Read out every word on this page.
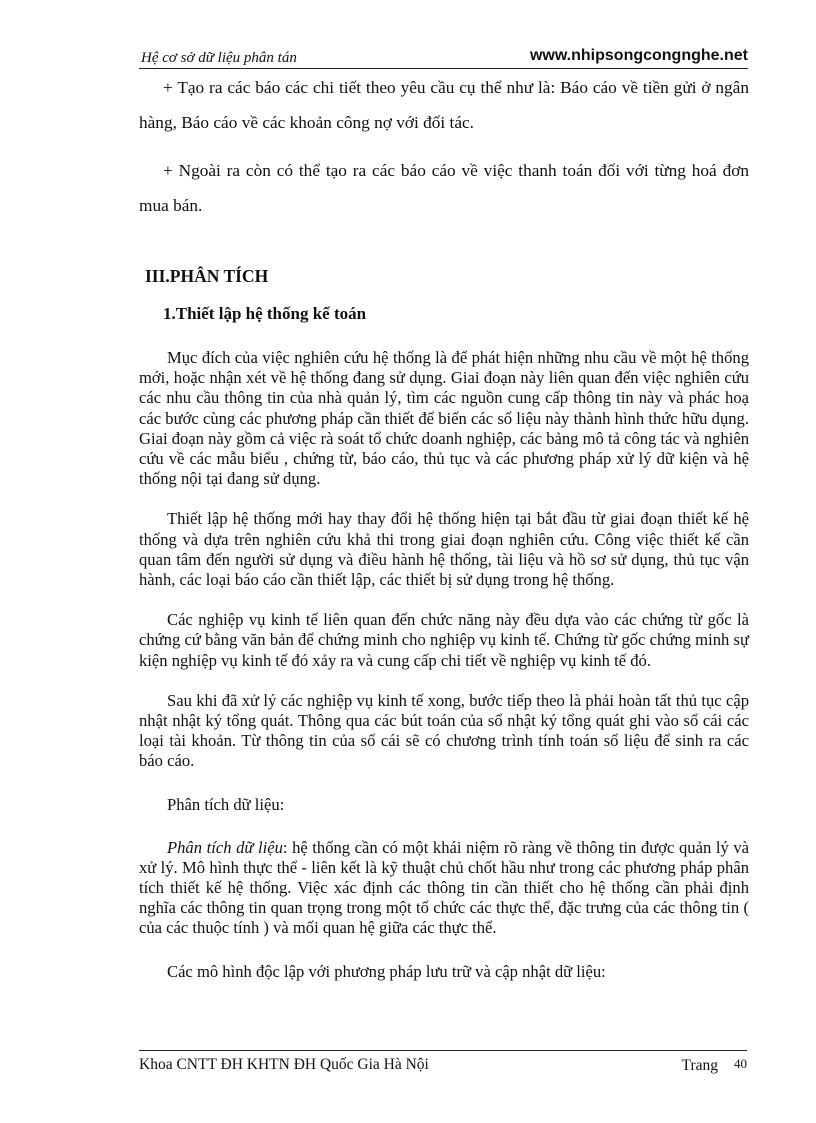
Hệ cơ sở dữ liệu phân tán	www.nhipsongcongnghe.net

+ Tạo ra các báo các chi tiết theo yêu cầu cụ thể như là: Báo cáo về tiền gửi ở ngân hàng, Báo cáo về các khoản công nợ với đối tác.

+ Ngoài ra còn có thể tạo ra các báo cáo về việc thanh toán đối với từng hoá đơn mua bán.

III.PHÂN TÍCH
1.Thiết lập hệ thống kế toán

Mục đích của việc nghiên cứu hệ thống là để phát hiện những nhu cầu về một hệ thống mới, hoặc nhận xét về hệ thống đang sử dụng. Giai đoạn này liên quan đến việc nghiên cứu các nhu cầu thông tin của nhà quản lý, tìm các nguồn cung cấp thông tin này và phác hoạ các bước cùng các phương pháp cần thiết để biến các số liệu này thành hình thức hữu dụng. Giai đoạn này gồm cả việc rà soát tổ chức doanh nghiệp, các bảng mô tả công tác và nghiên cứu về các mẫu biểu , chứng từ, báo cáo, thủ tục và các phương pháp xử lý dữ kiện và hệ thống nội tại đang sử dụng.

Thiết lập hệ thống mới hay thay đổi hệ thống hiện tại bắt đầu từ giai đoạn thiết kế hệ thống và dựa trên nghiên cứu khả thi trong giai đoạn nghiên cứu. Công việc thiết kế cần quan tâm đến người sử dụng và điều hành hệ thống, tài liệu và hồ sơ sử dụng, thủ tục vận hành, các loại báo cáo cần thiết lập, các thiết bị sử dụng trong hệ thống.

Các nghiệp vụ kinh tế liên quan đến chức năng này đều dựa vào các chứng từ gốc là chứng cứ bằng văn bản để chứng minh cho nghiệp vụ kinh tế. Chứng từ gốc chứng minh sự kiện nghiệp vụ kinh tế đó xảy ra và cung cấp chi tiết về nghiệp vụ kinh tế đó.

Sau khi đã xử lý các nghiệp vụ kinh tế xong, bước tiếp theo là phải hoàn tất thủ tục cập nhật nhật ký tổng quát. Thông qua các bút toán của sổ nhật ký tổng quát ghi vào sổ cái các loại tài khoản. Từ thông tin của sổ cái sẽ có chương trình tính toán số liệu để sinh ra các báo cáo.

Phân tích dữ liệu:

Phân tích dữ liệu: hệ thống cần có một khái niệm rõ ràng về thông tin được quản lý và xử lý. Mô hình thực thể - liên kết là kỹ thuật chủ chốt hầu như trong các phương pháp phân tích thiết kế hệ thống. Việc xác định các thông tin cần thiết cho hệ thống cần phải định nghĩa các thông tin quan trọng trong một tổ chức các thực thể, đặc trưng của các thông tin ( của các thuộc tính ) và mối quan hệ giữa các thực thể.

Các mô hình độc lập với phương pháp lưu trữ và cập nhật dữ liệu:

Khoa CNTT ĐH KHTN ĐH Quốc Gia Hà Nội	Trang 40
